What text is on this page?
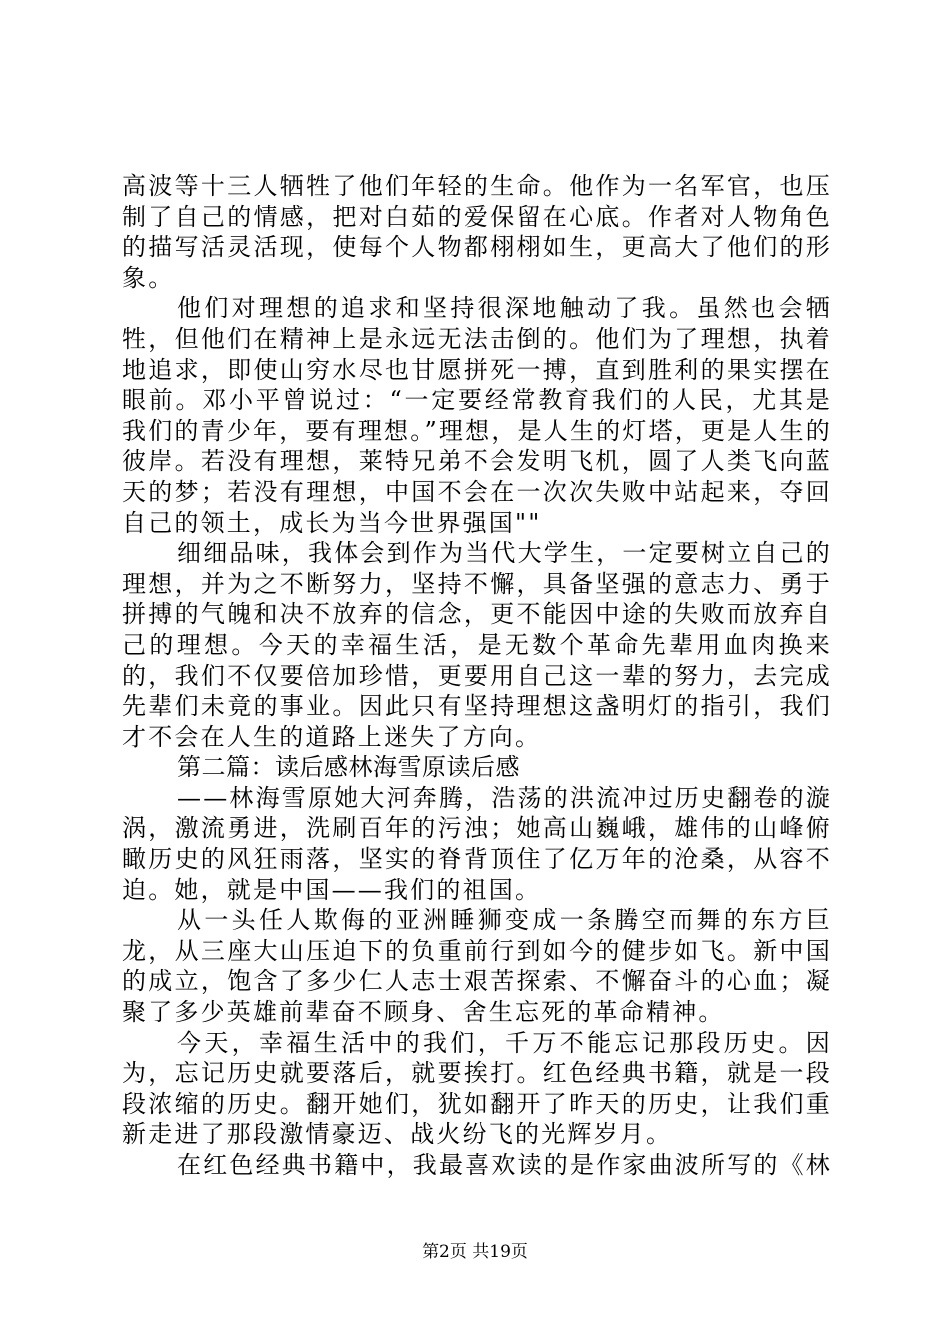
高波等十三人牺牲了他们年轻的生命。他作为一名军官，也压制了自己的情感，把对白茹的爱保留在心底。作者对人物角色的描写活灵活现，使每个人物都栩栩如生，更高大了他们的形象。

他们对理想的追求和坚持很深地触动了我。虽然也会牺牲，但他们在精神上是永远无法击倒的。他们为了理想，执着地追求，即使山穷水尽也甘愿拼死一搏，直到胜利的果实摆在眼前。邓小平曾说过：“一定要经常教育我们的人民，尤其是我们的青少年，要有理想。”理想，是人生的灯塔，更是人生的彼岸。若没有理想，莱特兄弟不会发明飞机，圆了人类飞向蓝天的梦；若没有理想，中国不会在一次次失败中站起来，夺回自己的领土，成长为当今世界强国""

细细品味，我体会到作为当代大学生，一定要树立自己的理想，并为之不断努力，坚持不懈，具备坚强的意志力、勇于拼搏的气魄和决不放弃的信念，更不能因中途的失败而放弃自己的理想。今天的幸福生活，是无数个革命先辈用血肉换来的，我们不仅要倍加珍惜，更要用自己这一辈的努力，去完成先辈们未竟的事业。因此只有坚持理想这盏明灯的指引，我们才不会在人生的道路上迷失了方向。

第二篇：读后感林海雪原读后感

——林海雪原她大河奔腾，浩荡的洪流冲过历史翻卷的漩涡，激流勇进，洗刷百年的污浊；她高山巍峨，雄伟的山峰俯瞰历史的风狂雨落，坚实的脊背顶住了亿万年的沧桑，从容不迫。她，就是中国——我们的祖国。

从一头任人欺侮的亚洲睡狮变成一条腾空而舞的东方巨龙，从三座大山压迫下的负重前行到如今的健步如飞。新中国的成立，饱含了多少仁人志士艰苦探索、不懈奋斗的心血；凝聚了多少英雄前辈奋不顾身、舍生忘死的革命精神。

今天，幸福生活中的我们，千万不能忘记那段历史。因为，忘记历史就要落后，就要挨打。红色经典书籍，就是一段段浓缩的历史。翻开她们，犹如翻开了昨天的历史，让我们重新走进了那段激情豪迈、战火纷飞的光辉岁月。

在红色经典书籍中，我最喜欢读的是作家曲波所写的《林

第2页 共19页
